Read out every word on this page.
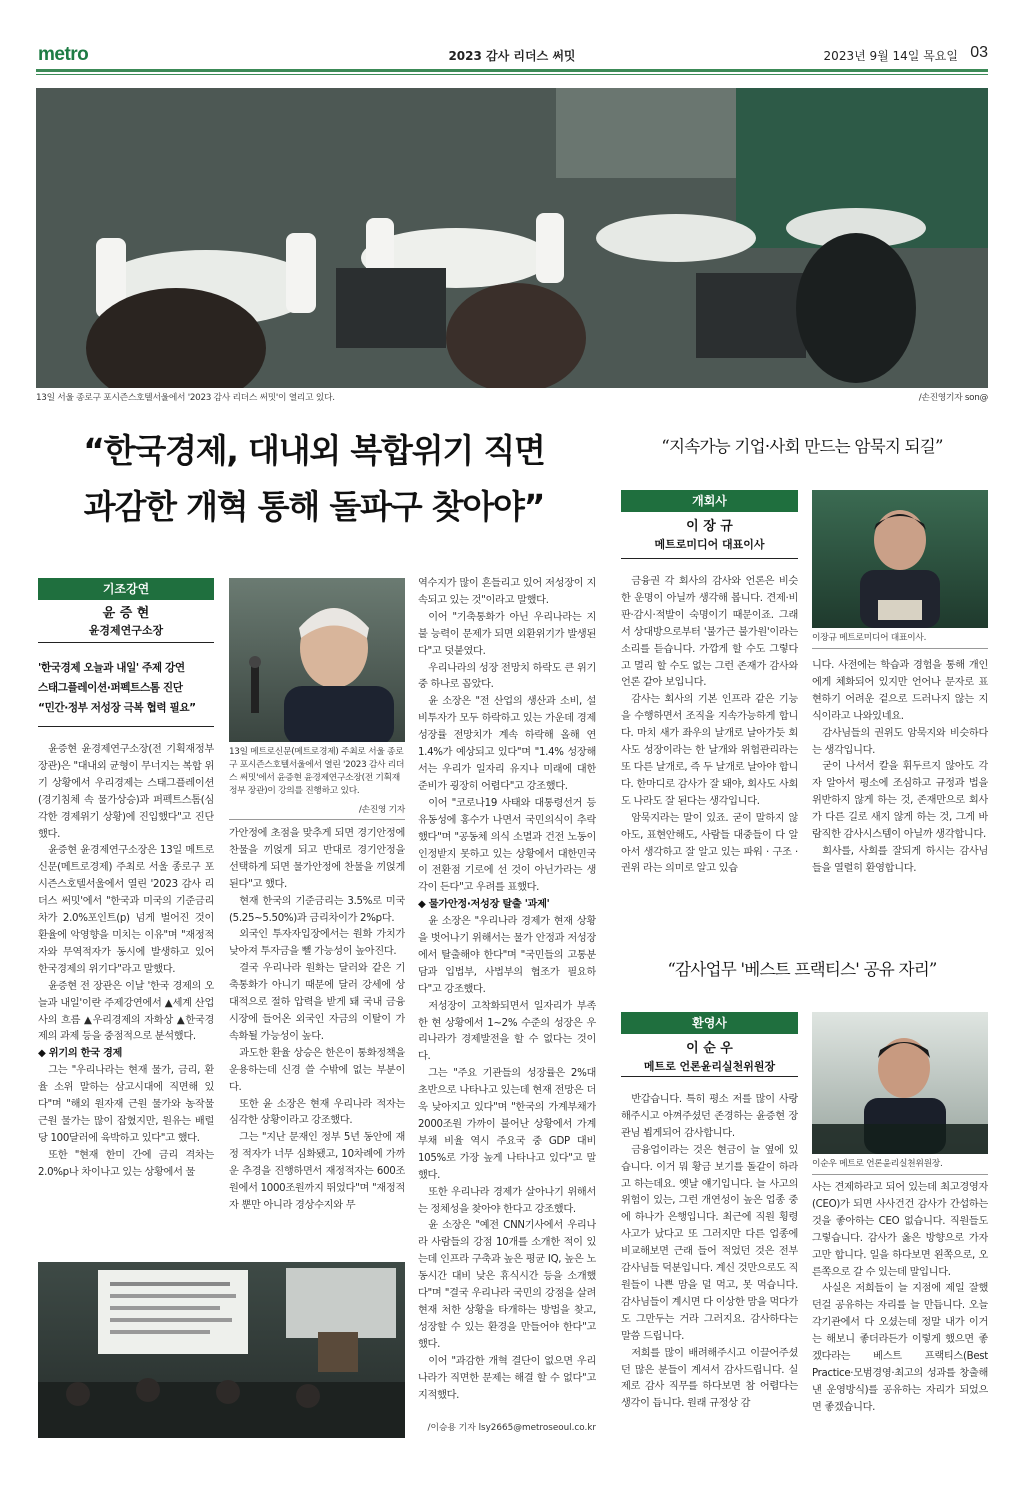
metro	2023 감사 리더스 써밋	2023년 9월 14일 목요일 03
13일 서울 종로구 포시즌스호텔서울에서 '2023 감사 리더스 써밋'이 열리고 있다.	/손진영기자 son@
“한국경제, 대내외 복합위기 직면
과감한 개혁 통해 돌파구 찾아야”
기조강연
윤 증 현
윤경제연구소장
'한국경제 오늘과 내일' 주제 강연
스태그플레이션·퍼펙트스톰 진단
“민간·정부 저성장 극복 협력 필요”

윤증현 윤경제연구소장(전 기획재정부 장관)은 "대내외 균형이 무너지는 복합 위기 상황에서 우리경제는 스태그플레이션(경기침체 속 물가상승)과 퍼펙트스톰(심각한 경제위기 상황)에 진입했다"고 진단했다.

윤증현 윤경제연구소장은 13일 메트로신문(메트로경제) 주최로 서울 종로구 포시즌스호텔서울에서 열린 '2023 감사 리더스 써밋'에서 "한국과 미국의 기준금리차가 2.0%포인트(p) 넘게 벌어진 것이 환율에 악영향을 미치는 이유"며 "재정적자와 무역적자가 동시에 발생하고 있어 한국경제의 위기다"라고 말했다.

윤증현 전 장관은 이날 '한국 경제의 오늘과 내일'이란 주제강연에서 ▲세계 산업사의 흐름 ▲우리경제의 자화상 ▲한국경제의 과제 등을 중점적으로 분석했다.

◆ 위기의 한국 경제

그는 "우리나라는 현재 물가, 금리, 환율 소위 말하는 삼고시대에 직면해 있다"며 "해외 원자재 근원 물가와 농작물 근원 물가는 많이 잡혔지만, 원유는 배럴당 100달러에 육박하고 있다"고 했다.

또한 "현재 한미 간에 금리 격차는 2.0%p나 차이나고 있는 상황에서 물

13일 메트로신문(메트로경제) 주최로 서울 종로구 포시즌스호텔서울에서 열린 '2023 감사 리더스 써밋'에서 윤증현 윤경제연구소장(전 기획재정부 장관)이 강의를 진행하고 있다.
/손진영 기자

가안정에 초점을 맞추게 되면 경기안정에 찬물을 끼얹게 되고 반대로 경기안정을 선택하게 되면 물가안정에 찬물을 끼얹게 된다"고 했다.

현재 한국의 기준금리는 3.5%로 미국(5.25~5.50%)과 금리차이가 2%p다.

외국인 투자자입장에서는 원화 가치가 낮아져 투자금을 뺄 가능성이 높아진다.

결국 우리나라 원화는 달러와 같은 기축통화가 아니기 때문에 달러 강세에 상대적으로 절하 압력을 받게 돼 국내 금융시장에 들어온 외국인 자금의 이탈이 가속화될 가능성이 높다.

과도한 환율 상승은 한은이 통화정책을 운용하는데 신경 쓸 수밖에 없는 부분이다.

또한 윤 소장은 현재 우리나라 적자는 심각한 상황이라고 강조했다.

그는 "지난 문재인 정부 5년 동안에 재정 적자가 너무 심화됐고, 10차례에 가까운 추경을 진행하면서 재정적자는 600조원에서 1000조원까지 뛰었다"며 "재정적자 뿐만 아니라 경상수지와 무

역수지가 많이 흔들리고 있어 저성장이 지속되고 있는 것"이라고 말했다.

이어 "기축통화가 아닌 우리나라는 지불 능력이 문제가 되면 외환위기가 발생된다"고 덧붙였다.

우리나라의 성장 전망치 하락도 큰 위기중 하나로 꼽았다.

윤 소장은 "전 산업의 생산과 소비, 설비투자가 모두 하락하고 있는 가운데 경제성장률 전망치가 계속 하락해 올해 연 1.4%가 예상되고 있다"며 "1.4% 성장해서는 우리가 일자리 유지나 미래에 대한 준비가 굉장히 어렵다"고 강조했다.

이어 "코로나19 사태와 대통령선거 등 유동성에 홍수가 나면서 국민의식이 추락했다"며 "공동체 의식 소멸과 건전 노동이 인정받지 못하고 있는 상황에서 대한민국이 전환점 기로에 선 것이 아닌가라는 생각이 든다"고 우려를 표했다.

◆ 물가안정·저성장 탈출 '과제'

윤 소장은 "우리나라 경제가 현재 상황을 벗어나기 위해서는 물가 안정과 저성장에서 탈출해야 한다"며 "국민들의 고통분담과 입법부, 사법부의 협조가 필요하다"고 강조했다.

저성장이 고착화되면서 일자리가 부족한 현 상황에서 1~2% 수준의 성장은 우리나라가 경제발전을 할 수 없다는 것이다.

그는 "주요 기관들의 성장률은 2%대 초반으로 나타나고 있는데 현재 전망은 더욱 낮아지고 있다"며 "한국의 가계부채가 2000조원 가까이 불어난 상황에서 가계부채 비율 역시 주요국 중 GDP 대비 105%로 가장 높게 나타나고 있다"고 말했다.

또한 우리나라 경제가 살아나기 위해서는 정체성을 찾아야 한다고 강조했다.

윤 소장은 "예전 CNN기사에서 우리나라 사람들의 강점 10개를 소개한 적이 있는데 인프라 구축과 높은 평균 IQ, 높은 노동시간 대비 낮은 휴식시간 등을 소개했다"며 "결국 우리나라 국민의 강점을 살려 현재 처한 상황을 타개하는 방법을 찾고, 성장할 수 있는 환경을 만들어야 한다"고 했다.

이어 "과감한 개혁 결단이 없으면 우리나라가 직면한 문제는 해결 할 수 없다"고 지적했다.

/이승용 기자 lsy2665@metroseoul.co.kr
“지속가능 기업·사회 만드는 암묵지 되길”
개회사
이 장 규
메트로미디어 대표이사
이장규 메트로미디어 대표이사.

금융권 각 회사의 감사와 언론은 비슷한 운명이 아닐까 생각해 봅니다. 견제·비판·감시·적발이 숙명이기 때문이죠. 그래서 상대방으로부터 '불가근 불가원'이라는 소리를 듣습니다. 가깝게 할 수도 그렇다고 멀리 할 수도 없는 그런 존재가 감사와 언론 같아 보입니다.

감사는 회사의 기본 인프라 같은 기능을 수행하면서 조직을 지속가능하게 합니다. 마치 새가 좌우의 날개로 날아가듯 회사도 성장이라는 한 날개와 위험관리라는 또 다른 날개로, 즉 두 날개로 날아야 합니다. 한마디로 감사가 잘 돼야, 회사도 사회도 나라도 잘 된다는 생각입니다.

암묵지라는 말이 있죠. 굳이 말하지 않아도, 표현안해도, 사람들 대중들이 다 알아서 생각하고 잘 알고 있는 파워 · 구조 · 권위 라는 의미로 알고 있습

니다. 사전에는 학습과 경험을 통해 개인에게 체화되어 있지만 언어나 문자로 표현하기 어려운 겉으로 드러나지 않는 지식이라고 나와있네요.

감사님들의 권위도 암묵지와 비슷하다는 생각입니다.

굳이 나서서 칼을 휘두르지 않아도 각자 알아서 평소에 조심하고 규정과 법을 위반하지 않게 하는 것, 존재만으로 회사가 다른 길로 새지 않게 하는 것, 그게 바람직한 감사시스템이 아닐까 생각합니다.

회사를, 사회를 잘되게 하시는 감사님들을 열렬히 환영합니다.

“감사업무 '베스트 프랙티스' 공유 자리”
환영사
이 순 우
메트로 언론윤리실천위원장
이순우 메트로 언론윤리실천위원장.

반갑습니다. 특히 평소 저를 많이 사랑해주시고 아껴주셨던 존경하는 윤증현 장관님 뵙게되어 감사합니다.

금융업이라는 것은 현금이 늘 옆에 있습니다. 이거 뭐 황금 보기를 돌같이 하라고 하는데요. 옛날 얘기입니다. 늘 사고의 위험이 있는, 그런 개연성이 높은 업종 중에 하나가 은행입니다. 최근에 직원 횡령 사고가 났다고 또 그러지만 다른 업종에 비교해보면 근래 들어 적었던 것은 전부 감사님들 덕분입니다. 계신 것만으로도 직원들이 나쁜 맘을 덜 먹고, 못 먹습니다. 감사님들이 계시면 다 이상한 맘을 먹다가도 그만두는 거라 그러지요. 감사하다는 말씀 드립니다.

저희를 많이 배려해주시고 이끌어주셨던 많은 분들이 계셔서 감사드립니다. 실제로 감사 직무를 하다보면 참 어렵다는 생각이 듭니다. 원래 규정상 감

사는 견제하라고 되어 있는데 최고경영자(CEO)가 되면 사사건건 감사가 간섭하는 것을 좋아하는 CEO 없습니다. 직원들도 그렇습니다. 감사가 옳은 방향으로 가자고만 합니다. 일을 하다보면 왼쪽으로, 오른쪽으로 갈 수 있는데 말입니다.

사실은 저희들이 늘 지점에 제일 잘했던걸 공유하는 자리를 늘 만듭니다. 오늘 각기관에서 다 오셨는데 정말 내가 이거는 해보니 좋더라든가 이렇게 했으면 좋겠다라는 베스트 프랙티스(Best Practice·모범경영·최고의 성과를 창출해 낸 운영방식)를 공유하는 자리가 되었으면 좋겠습니다.
